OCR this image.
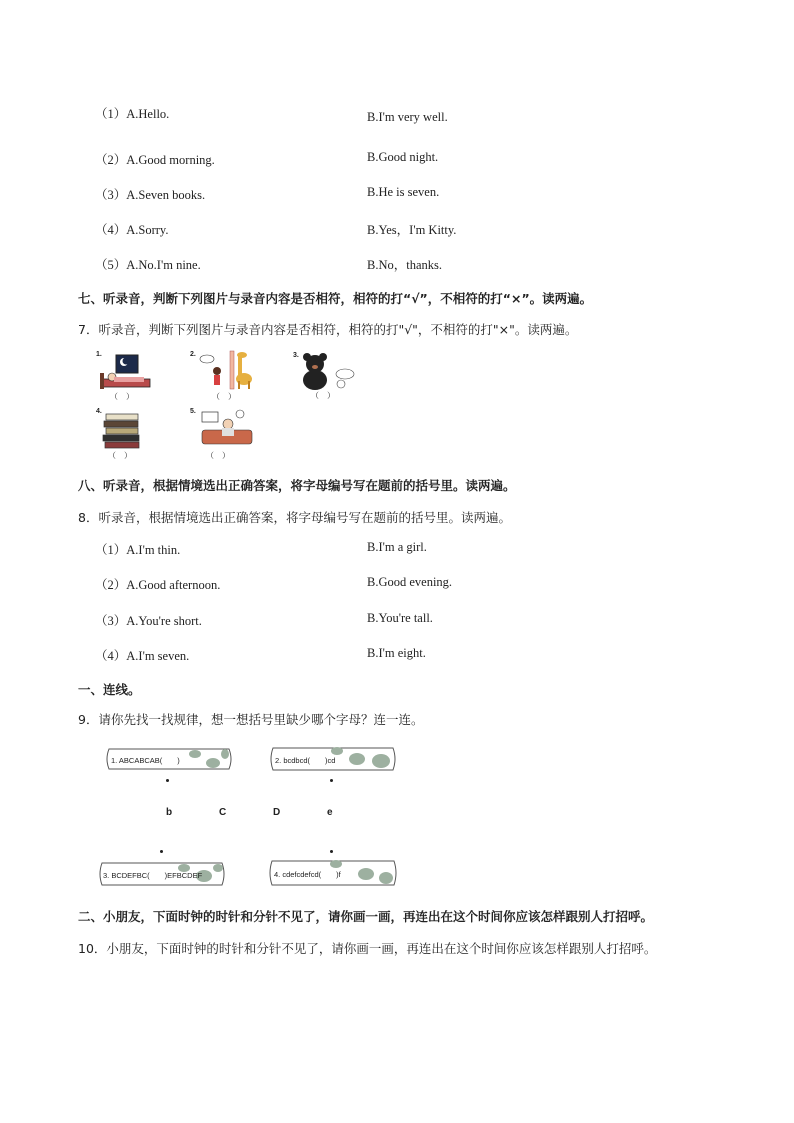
（1）A.Hello.	B.I'm very well.
（2）A.Good morning.	B.Good night.
（3）A.Seven books.	B.He is seven.
（4）A.Sorry.	B.Yes，I'm Kitty.
（5）A.No.I'm nine.	B.No，thanks.
七、听录音，判断下列图片与录音内容是否相符，相符的打“√”，不相符的打“×”。读两遍。
7．听录音，判断下列图片与录音内容是否相符，相符的打"√"，不相符的打"×"。读两遍。
1.
（　）
2.
（　）
3.
（　）
4.
（　）
5.
（　）
八、听录音，根据情境选出正确答案，将字母编号写在题前的括号里。读两遍。
8．听录音，根据情境选出正确答案，将字母编号写在题前的括号里。读两遍。
（1）A.I'm thin.	B.I'm a girl.
（2）A.Good afternoon.	B.Good evening.
（3）A.You're short.	B.You're tall.
（4）A.I'm seven.	B.I'm eight.
一、连线。
9．请你先找一找规律，想一想括号里缺少哪个字母？连一连。
1. ABCABCAB(　　)	2. bcdbcd(　　)cd
b	C	D	e
3. BCDEFBC(　　)EFBCDEF	4. cdefcdefcd(　　)f
二、小朋友，下面时钟的时针和分针不见了，请你画一画，再连出在这个时间你应该怎样跟别人打招呼。
10．小朋友，下面时钟的时针和分针不见了，请你画一画，再连出在这个时间你应该怎样跟别人打招呼。
